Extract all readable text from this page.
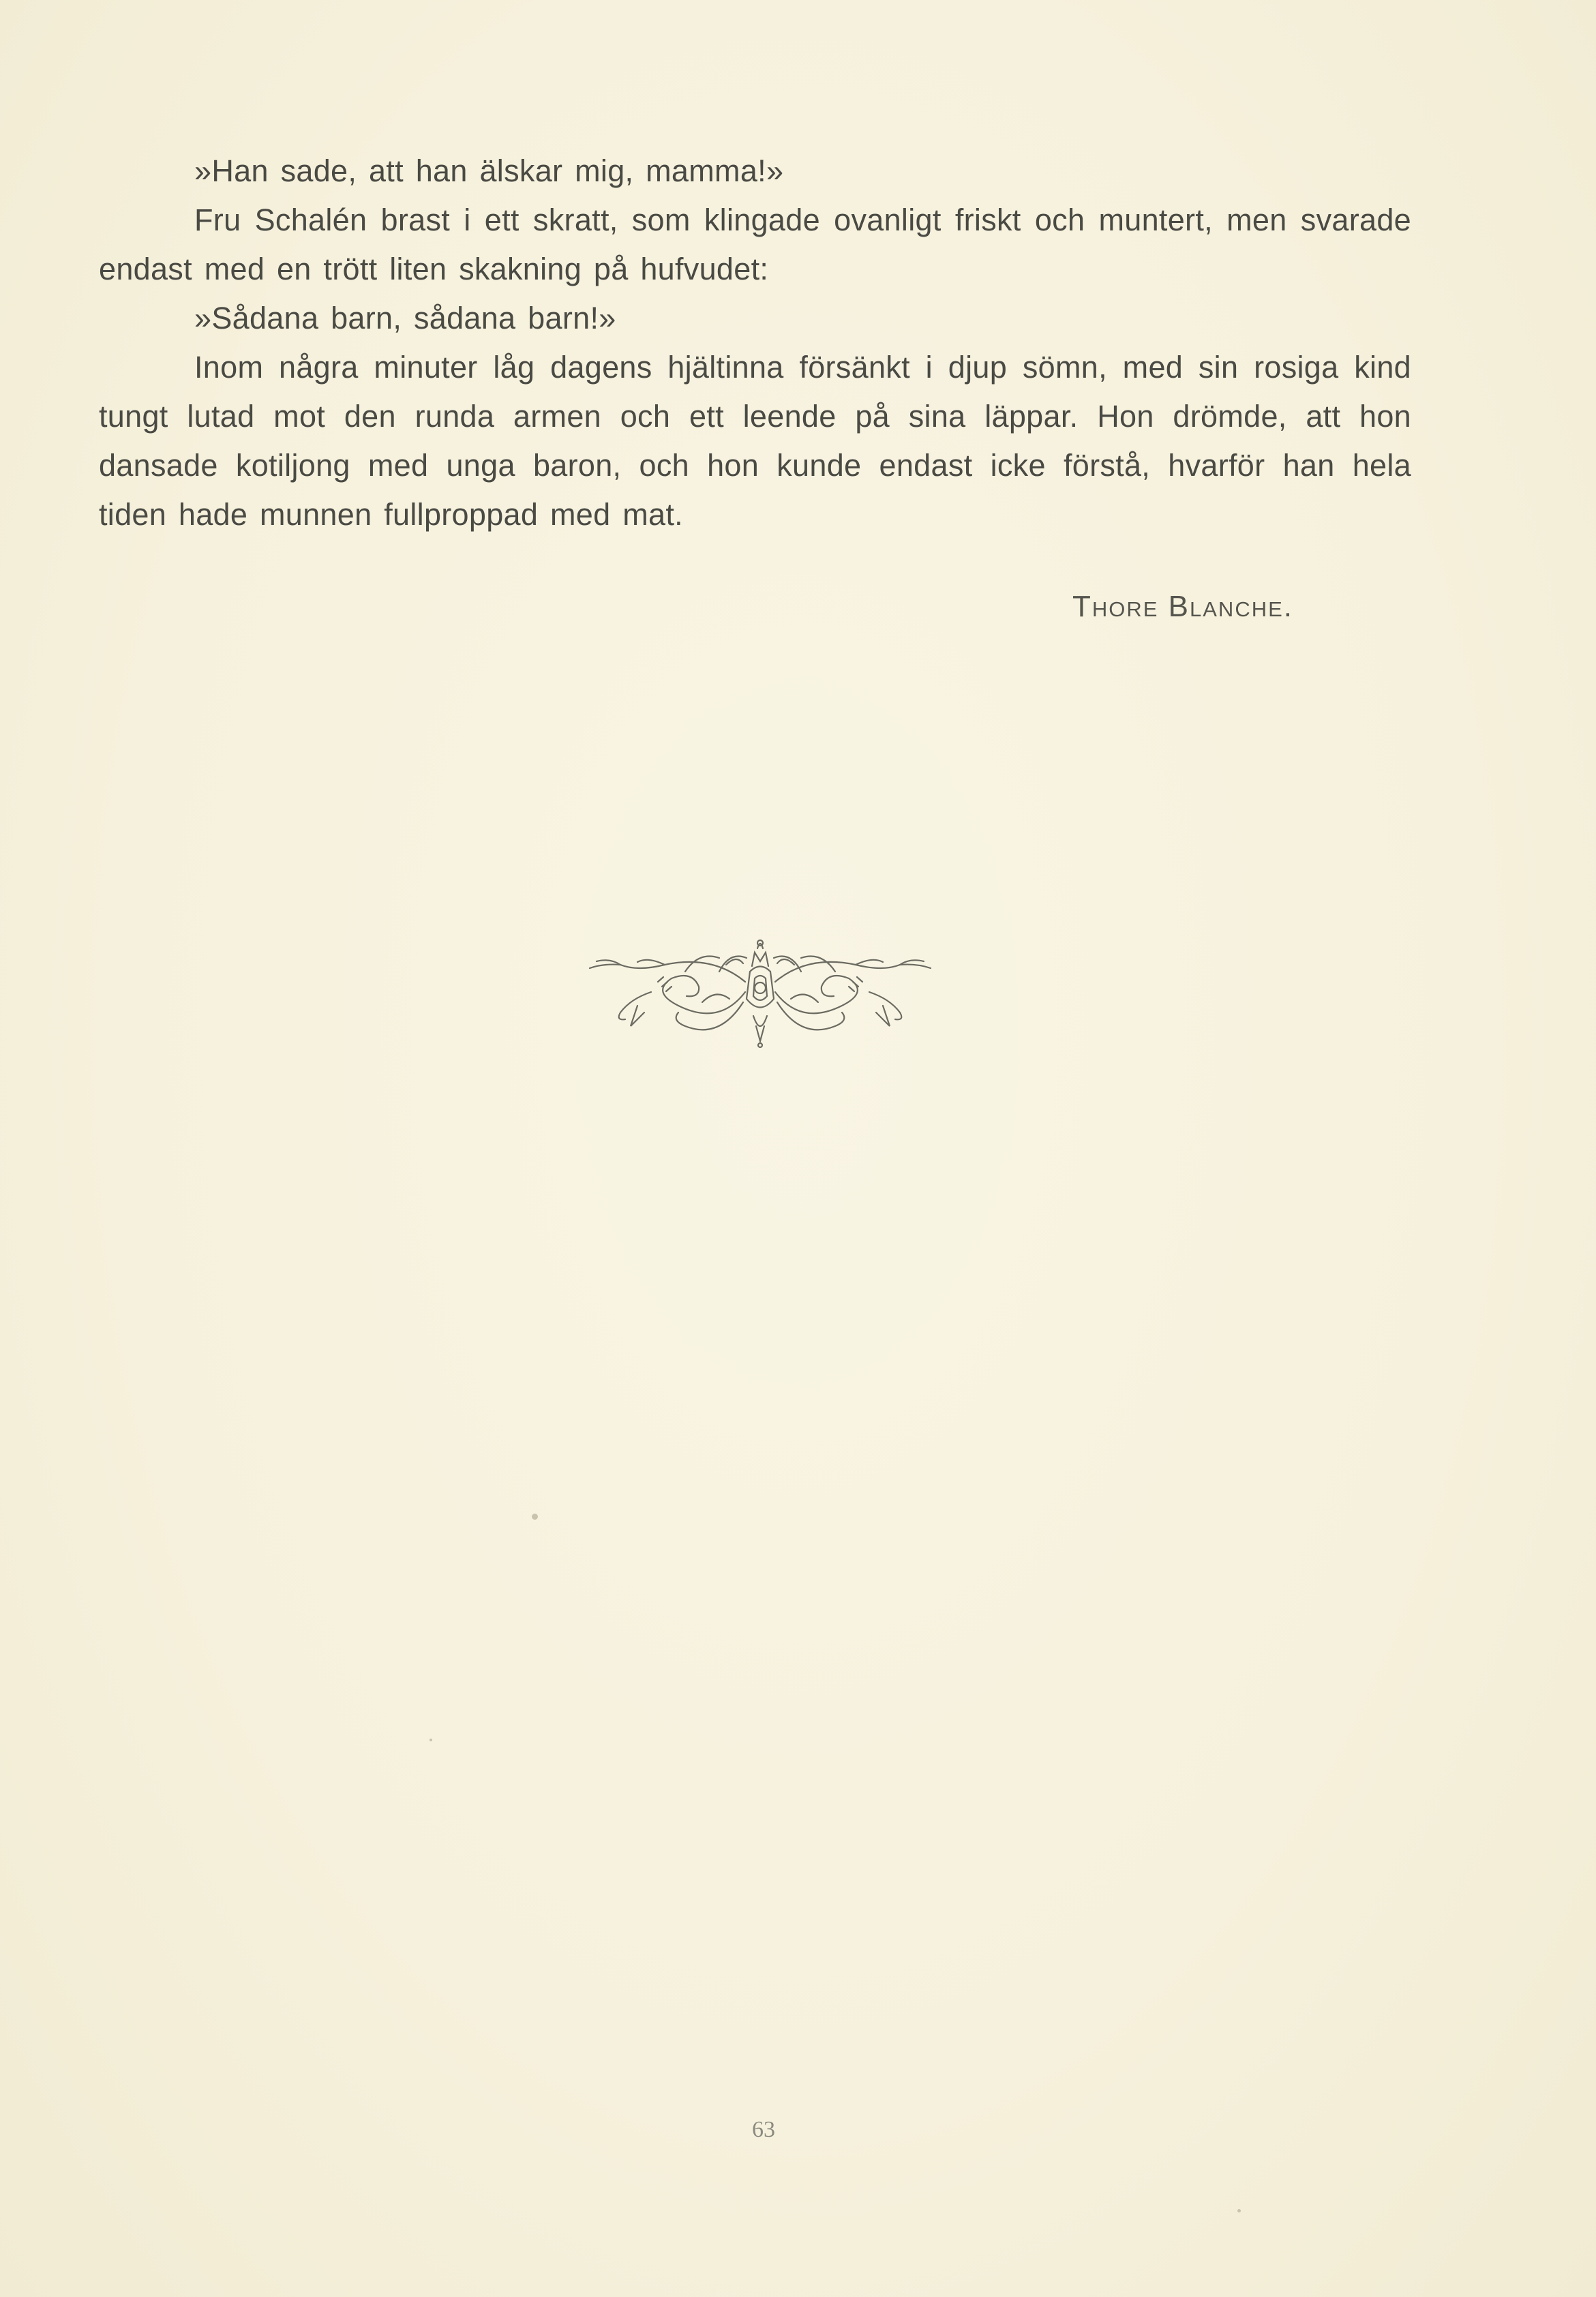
»Han sade, att han älskar mig, mamma!»

Fru Schalén brast i ett skratt, som klingade ovanligt friskt och muntert, men svarade endast med en trött liten skakning på hufvudet:

»Sådana barn, sådana barn!»

Inom några minuter låg dagens hjältinna försänkt i djup sömn, med sin rosiga kind tungt lutad mot den runda armen och ett leende på sina läppar. Hon drömde, att hon dansade kotiljong med unga baron, och hon kunde endast icke förstå, hvarför han hela tiden hade munnen fullproppad med mat.

Thore Blanche.
63
